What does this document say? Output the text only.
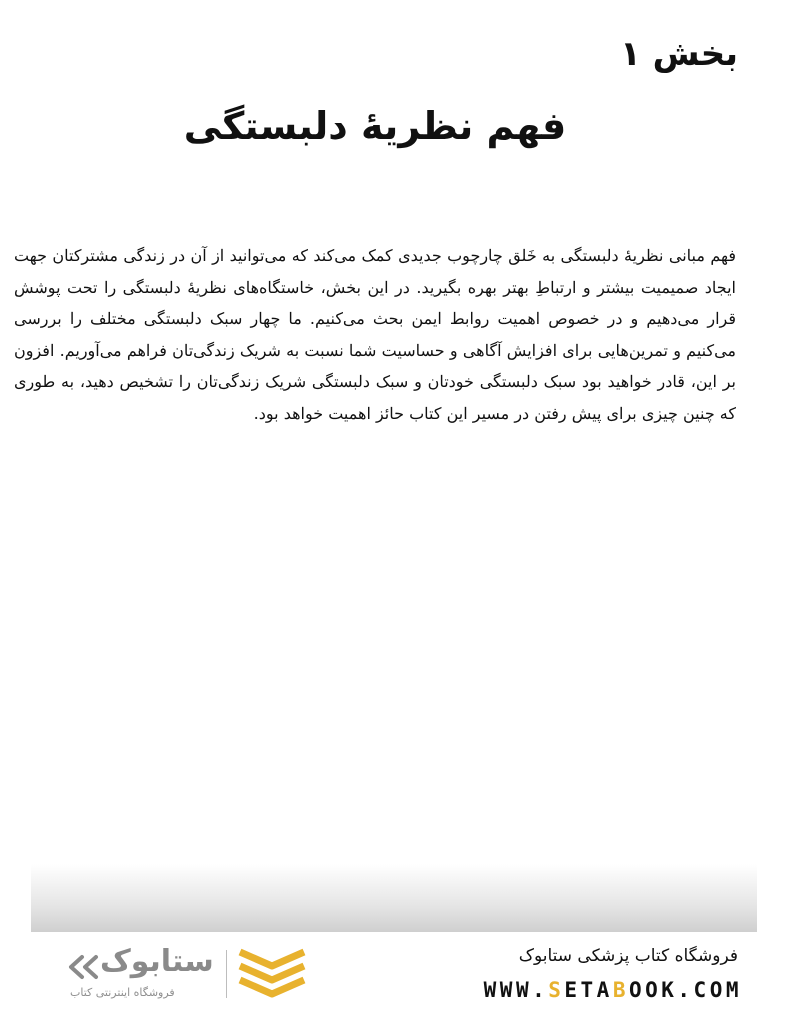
بخش ۱
فهم نظریهٔ دلبستگی

فهم مبانی نظریهٔ دلبستگی به خَلق چارچوب جدیدی کمک می‌کند که می‌توانید از آن در زندگی مشترکتان جهت ایجاد صمیمیت بیشتر و ارتباطِ بهتر بهره بگیرید. در این بخش، خاستگاه‌های نظریهٔ دلبستگی را تحت پوشش قرار می‌دهیم و در خصوص اهمیت روابط ایمن بحث می‌کنیم. ما چهار سبک دلبستگی مختلف را بررسی می‌کنیم و تمرین‌هایی برای افزایش آگاهی و حساسیت شما نسبت به شریک زندگی‌تان فراهم می‌آوریم. افزون بر این، قادر خواهید بود سبک دلبستگی خودتان و سبک دلبستگی شریک زندگی‌تان را تشخیص دهید، به طوری که چنین چیزی برای پیش رفتن در مسیر این کتاب حائز اهمیت خواهد بود.

فروشگاه کتاب پزشکی ستابوک
WWW.SETABOOK.COM
ستابوک
فروشگاه اینترنتی کتاب
